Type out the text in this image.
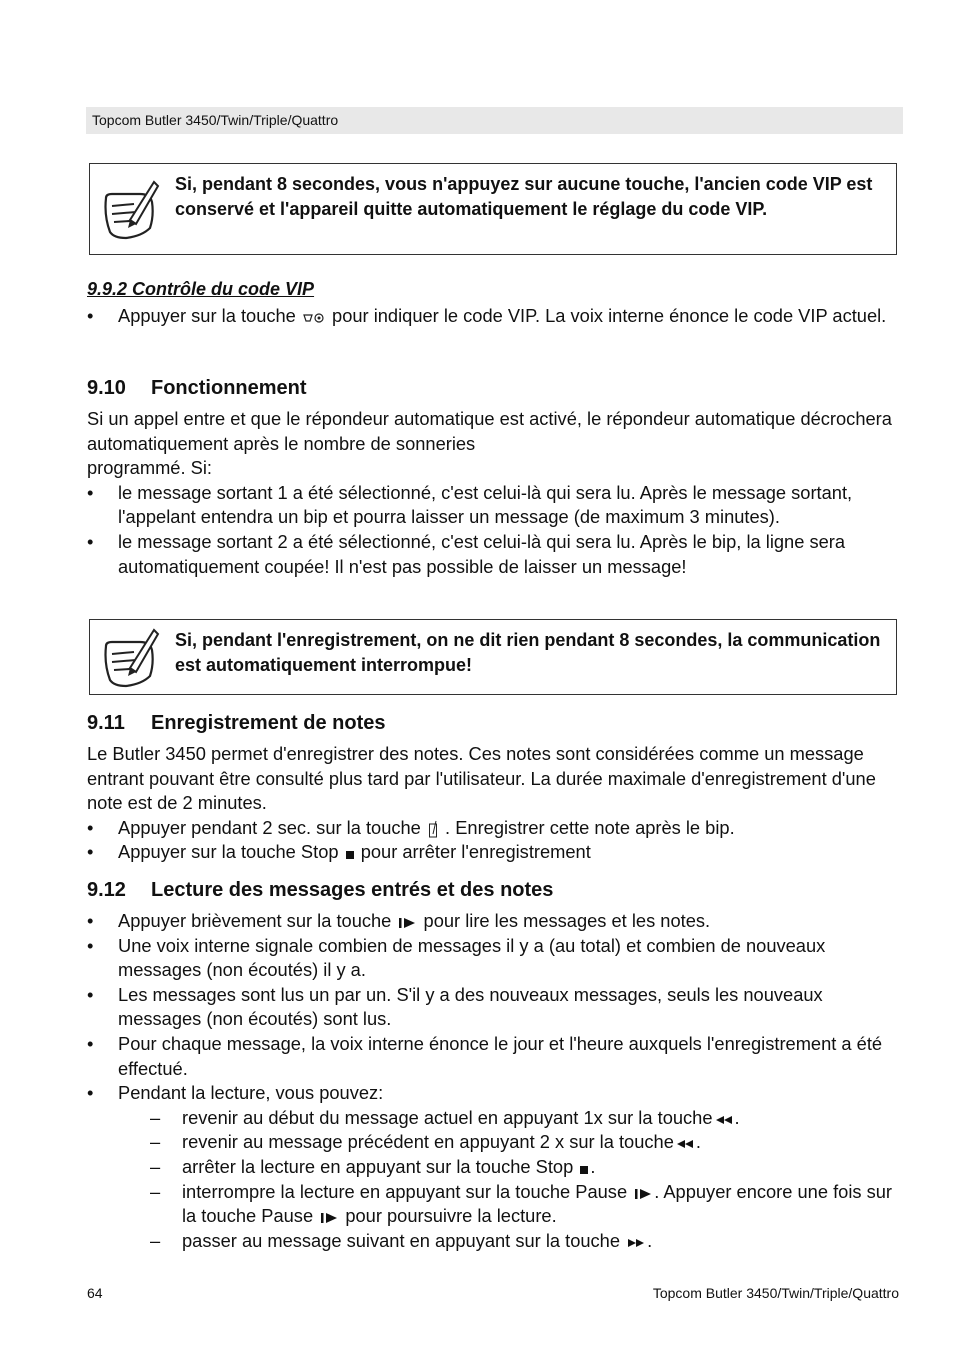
Topcom Butler 3450/Twin/Triple/Quattro
Si, pendant 8 secondes, vous n'appuyez sur aucune touche, l'ancien code VIP est conservé et l'appareil quitte automatiquement le réglage du code VIP.
9.9.2 Contrôle du code VIP
• Appuyer sur la touche pour indiquer le code VIP. La voix interne énonce le code VIP actuel.
9.10 Fonctionnement

Si un appel entre et que le répondeur automatique est activé, le répondeur automatique décrochera automatiquement après le nombre de sonneries
programmé. Si:

• le message sortant 1 a été sélectionné, c'est celui-là qui sera lu. Après le message sortant, l'appelant entendra un bip et pourra laisser un message (de maximum 3 minutes).
• le message sortant 2 a été sélectionné, c'est celui-là qui sera lu. Après le bip, la ligne sera automatiquement coupée! Il n'est pas possible de laisser un message!
Si, pendant l'enregistrement, on ne dit rien pendant 8 secondes, la communication est automatiquement interrompue!
9.11 Enregistrement de notes

Le Butler 3450 permet d'enregistrer des notes. Ces notes sont considérées comme un message entrant pouvant être consulté plus tard par l'utilisateur. La durée maximale d'enregistrement d'une note est de 2 minutes.

• Appuyer pendant 2 sec. sur la touche . Enregistrer cette note après le bip.
• Appuyer sur la touche Stop pour arrêter l'enregistrement
9.12 Lecture des messages entrés et des notes
• Appuyer brièvement sur la touche pour lire les messages et les notes.
• Une voix interne signale combien de messages il y a (au total) et combien de nouveaux messages (non écoutés) il y a.
• Les messages sont lus un par un. S'il y a des nouveaux messages, seuls les nouveaux messages (non écoutés) sont lus.
• Pour chaque message, la voix interne énonce le jour et l'heure auxquels l'enregistrement a été effectué.
• Pendant la lecture, vous pouvez:
– revenir au début du message actuel en appuyant 1x sur la touche .
– revenir au message précédent en appuyant 2 x sur la touche .
– arrêter la lecture en appuyant sur la touche Stop .
– interrompre la lecture en appuyant sur la touche Pause . Appuyer encore une fois sur la touche Pause pour poursuivre la lecture.
– passer au message suivant en appuyant sur la touche .
64	Topcom Butler 3450/Twin/Triple/Quattro
